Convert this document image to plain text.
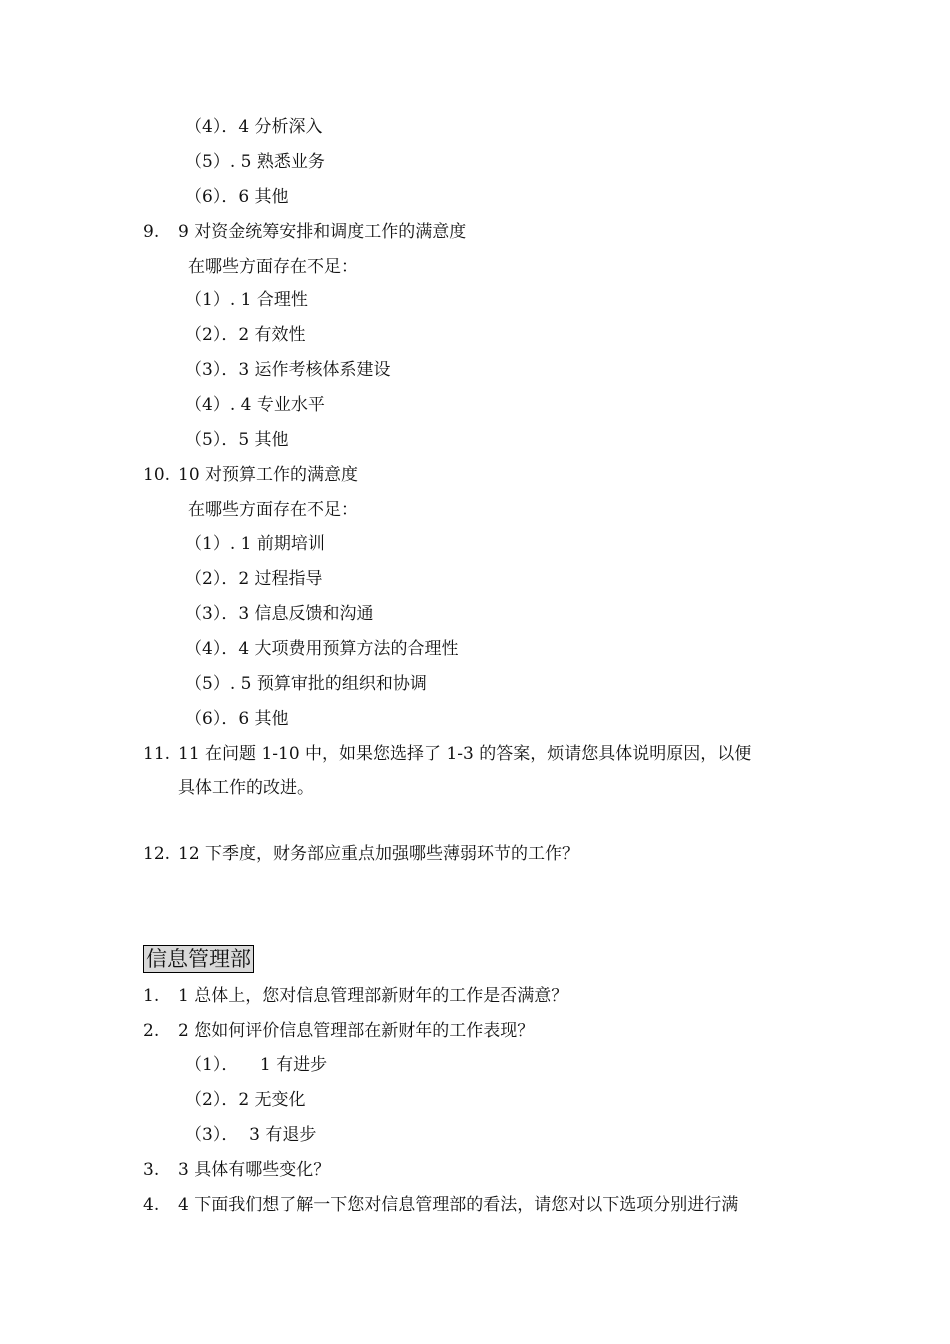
（4）．4 分析深入
（5）. 5 熟悉业务
（6）．6 其他
9. 9 对资金统筹安排和调度工作的满意度
在哪些方面存在不足：
（1）. 1 合理性
（2）．2 有效性
（3）．3 运作考核体系建设
（4）. 4 专业水平
（5）．5 其他
10. 10 对预算工作的满意度
在哪些方面存在不足：
（1）. 1 前期培训
（2）．2 过程指导
（3）．3 信息反馈和沟通
（4）．4 大项费用预算方法的合理性
（5）. 5 预算审批的组织和协调
（6）．6 其他
11. 11 在问题 1-10 中，如果您选择了 1-3 的答案，烦请您具体说明原因，以便
具体工作的改进。
12. 12 下季度，财务部应重点加强哪些薄弱环节的工作？
信息管理部
1. 1 总体上，您对信息管理部新财年的工作是否满意？
2. 2 您如何评价信息管理部在新财年的工作表现？
（1）．    1 有进步
（2）．2 无变化
（3）．  3 有退步
3. 3 具体有哪些变化？
4. 4 下面我们想了解一下您对信息管理部的看法，请您对以下选项分别进行满
